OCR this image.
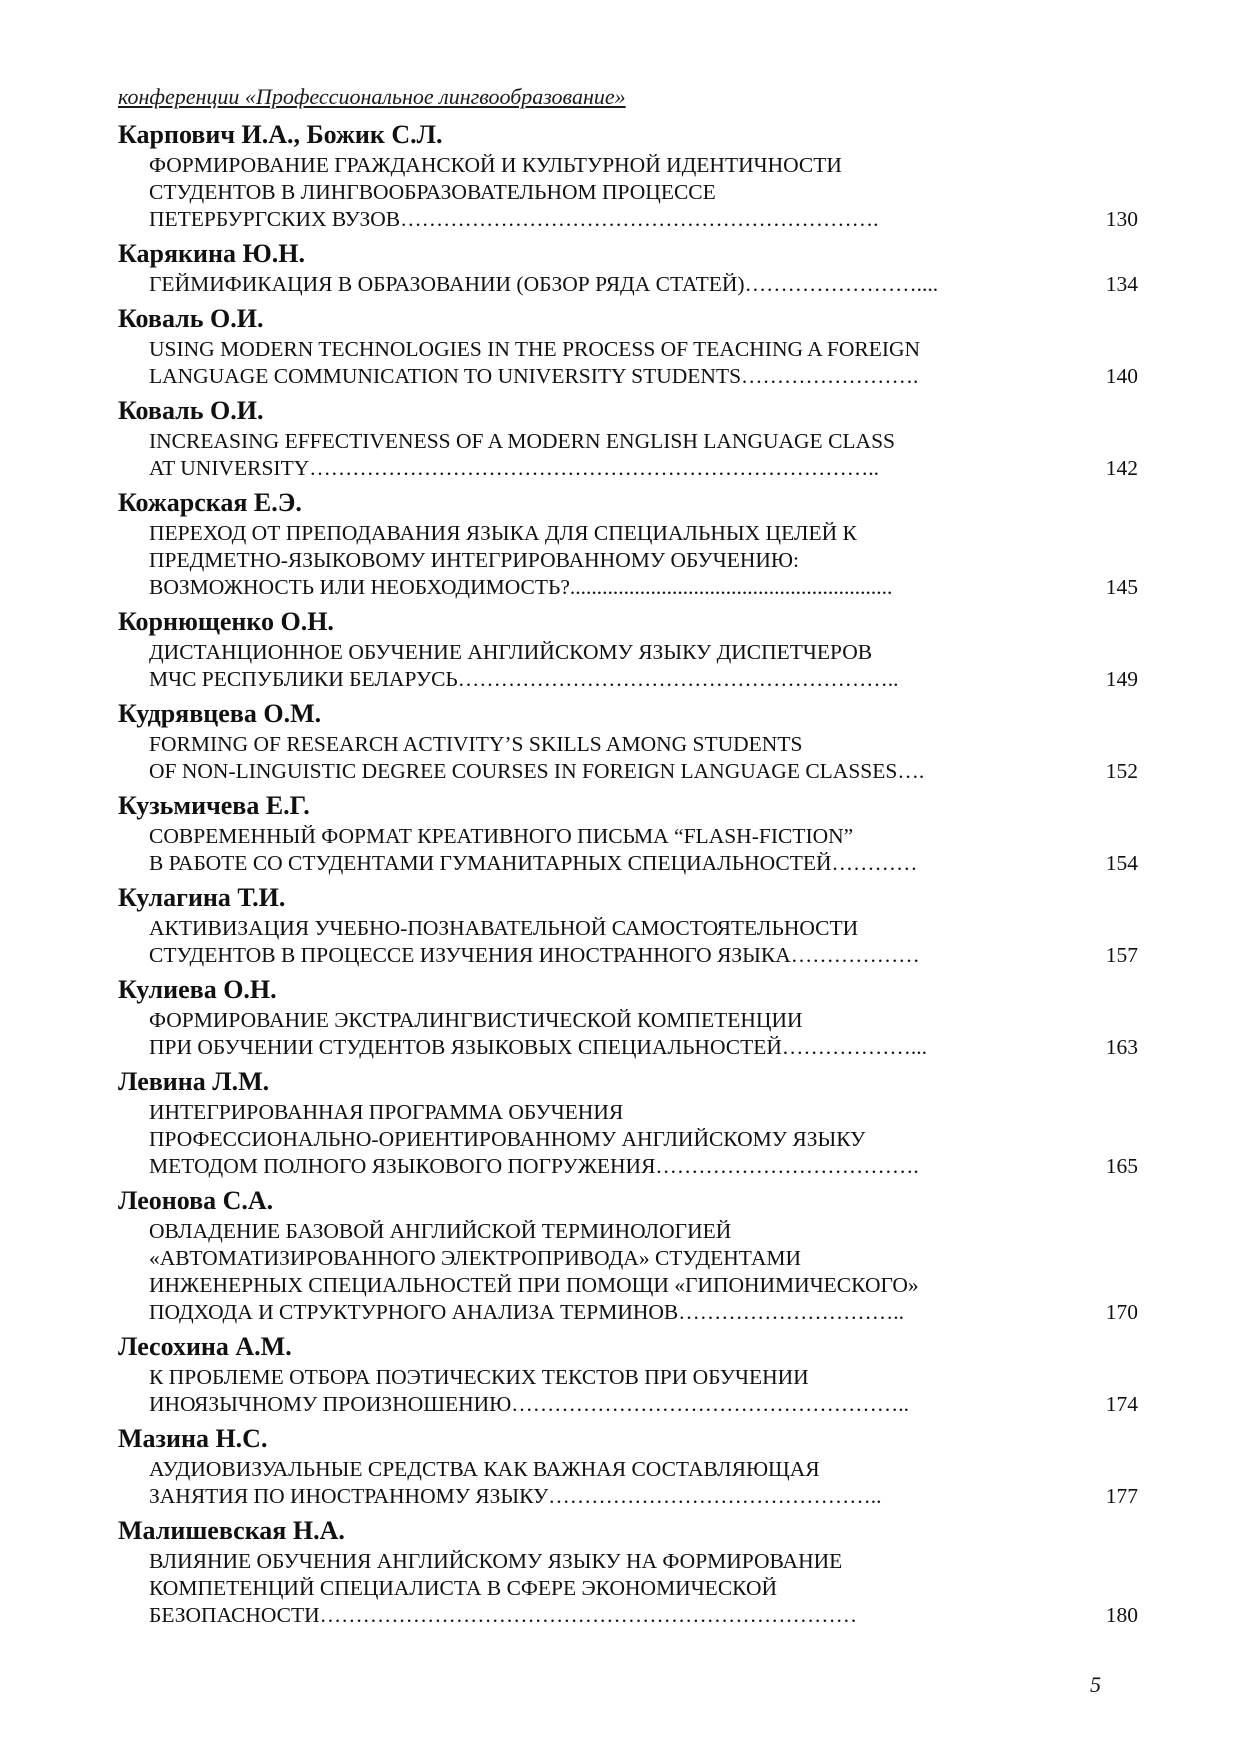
конференции «Профессиональное лингвообразование»
Карпович И.А., Божик С.Л.
ФОРМИРОВАНИЕ ГРАЖДАНСКОЙ И КУЛЬТУРНОЙ ИДЕНТИЧНОСТИ
СТУДЕНТОВ В ЛИНГВООБРАЗОВАТЕЛЬНОМ ПРОЦЕССЕ
ПЕТЕРБУРГСКИХ ВУЗОВ………………………………………………………….	130
Карякина Ю.Н.
ГЕЙМИФИКАЦИЯ В ОБРАЗОВАНИИ (ОБЗОР РЯДА СТАТЕЙ)……………………....	134
Коваль О.И.
USING MODERN TECHNOLOGIES IN THE PROCESS OF TEACHING A FOREIGN
LANGUAGE COMMUNICATION TO UNIVERSITY STUDENTS…………………….	140
Коваль О.И.
INCREASING EFFECTIVENESS OF A MODERN ENGLISH LANGUAGE CLASS
AT UNIVERSITY……………………………………………………………………..	142
Кожарская Е.Э.
ПЕРЕХОД ОТ ПРЕПОДАВАНИЯ ЯЗЫКА ДЛЯ СПЕЦИАЛЬНЫХ ЦЕЛЕЙ К
ПРЕДМЕТНО-ЯЗЫКОВОМУ ИНТЕГРИРОВАННОМУ ОБУЧЕНИЮ:
ВОЗМОЖНОСТЬ ИЛИ НЕОБХОДИМОСТЬ?............................................................	145
Корнющенко О.Н.
ДИСТАНЦИОННОЕ ОБУЧЕНИЕ АНГЛИЙСКОМУ ЯЗЫКУ ДИСПЕТЧЕРОВ
МЧС РЕСПУБЛИКИ БЕЛАРУСЬ……………………………………………………..	149
Кудрявцева О.М.
FORMING OF RESEARCH ACTIVITY’S SKILLS AMONG STUDENTS
OF NON-LINGUISTIC DEGREE COURSES IN FOREIGN LANGUAGE CLASSES….	152
Кузьмичева Е.Г.
СОВРЕМЕННЫЙ ФОРМАТ КРЕАТИВНОГО ПИСЬМА “FLASH-FICTION”
В РАБОТЕ СО СТУДЕНТАМИ ГУМАНИТАРНЫХ СПЕЦИАЛЬНОСТЕЙ…………	154
Кулагина Т.И.
АКТИВИЗАЦИЯ УЧЕБНО-ПОЗНАВАТЕЛЬНОЙ САМОСТОЯТЕЛЬНОСТИ
СТУДЕНТОВ В ПРОЦЕССЕ ИЗУЧЕНИЯ ИНОСТРАННОГО ЯЗЫКА………………	157
Кулиева О.Н.
ФОРМИРОВАНИЕ ЭКСТРАЛИНГВИСТИЧЕСКОЙ КОМПЕТЕНЦИИ
ПРИ ОБУЧЕНИИ СТУДЕНТОВ ЯЗЫКОВЫХ СПЕЦИАЛЬНОСТЕЙ………………...	163
Левина Л.М.
ИНТЕГРИРОВАННАЯ ПРОГРАММА ОБУЧЕНИЯ
ПРОФЕССИОНАЛЬНО-ОРИЕНТИРОВАННОМУ АНГЛИЙСКОМУ ЯЗЫКУ
МЕТОДОМ ПОЛНОГО ЯЗЫКОВОГО ПОГРУЖЕНИЯ……………………………….	165
Леонова С.А.
ОВЛАДЕНИЕ БАЗОВОЙ АНГЛИЙСКОЙ ТЕРМИНОЛОГИЕЙ
«АВТОМАТИЗИРОВАННОГО ЭЛЕКТРОПРИВОДА» СТУДЕНТАМИ
ИНЖЕНЕРНЫХ СПЕЦИАЛЬНОСТЕЙ ПРИ ПОМОЩИ «ГИПОНИМИЧЕСКОГО»
ПОДХОДА И СТРУКТУРНОГО АНАЛИЗА ТЕРМИНОВ…………………………..	170
Лесохина А.М.
К ПРОБЛЕМЕ ОТБОРА ПОЭТИЧЕСКИХ ТЕКСТОВ ПРИ ОБУЧЕНИИ
ИНОЯЗЫЧНОМУ ПРОИЗНОШЕНИЮ………………………………………………..	174
Мазина Н.С.
АУДИОВИЗУАЛЬНЫЕ СРЕДСТВА КАК ВАЖНАЯ СОСТАВЛЯЮЩАЯ
ЗАНЯТИЯ ПО ИНОСТРАННОМУ ЯЗЫКУ………………………………………..	177
Малишевская Н.А.
ВЛИЯНИЕ ОБУЧЕНИЯ АНГЛИЙСКОМУ ЯЗЫКУ НА ФОРМИРОВАНИЕ
КОМПЕТЕНЦИЙ СПЕЦИАЛИСТА В СФЕРЕ ЭКОНОМИЧЕСКОЙ
БЕЗОПАСНОСТИ…………………………………………………………………	180
5
